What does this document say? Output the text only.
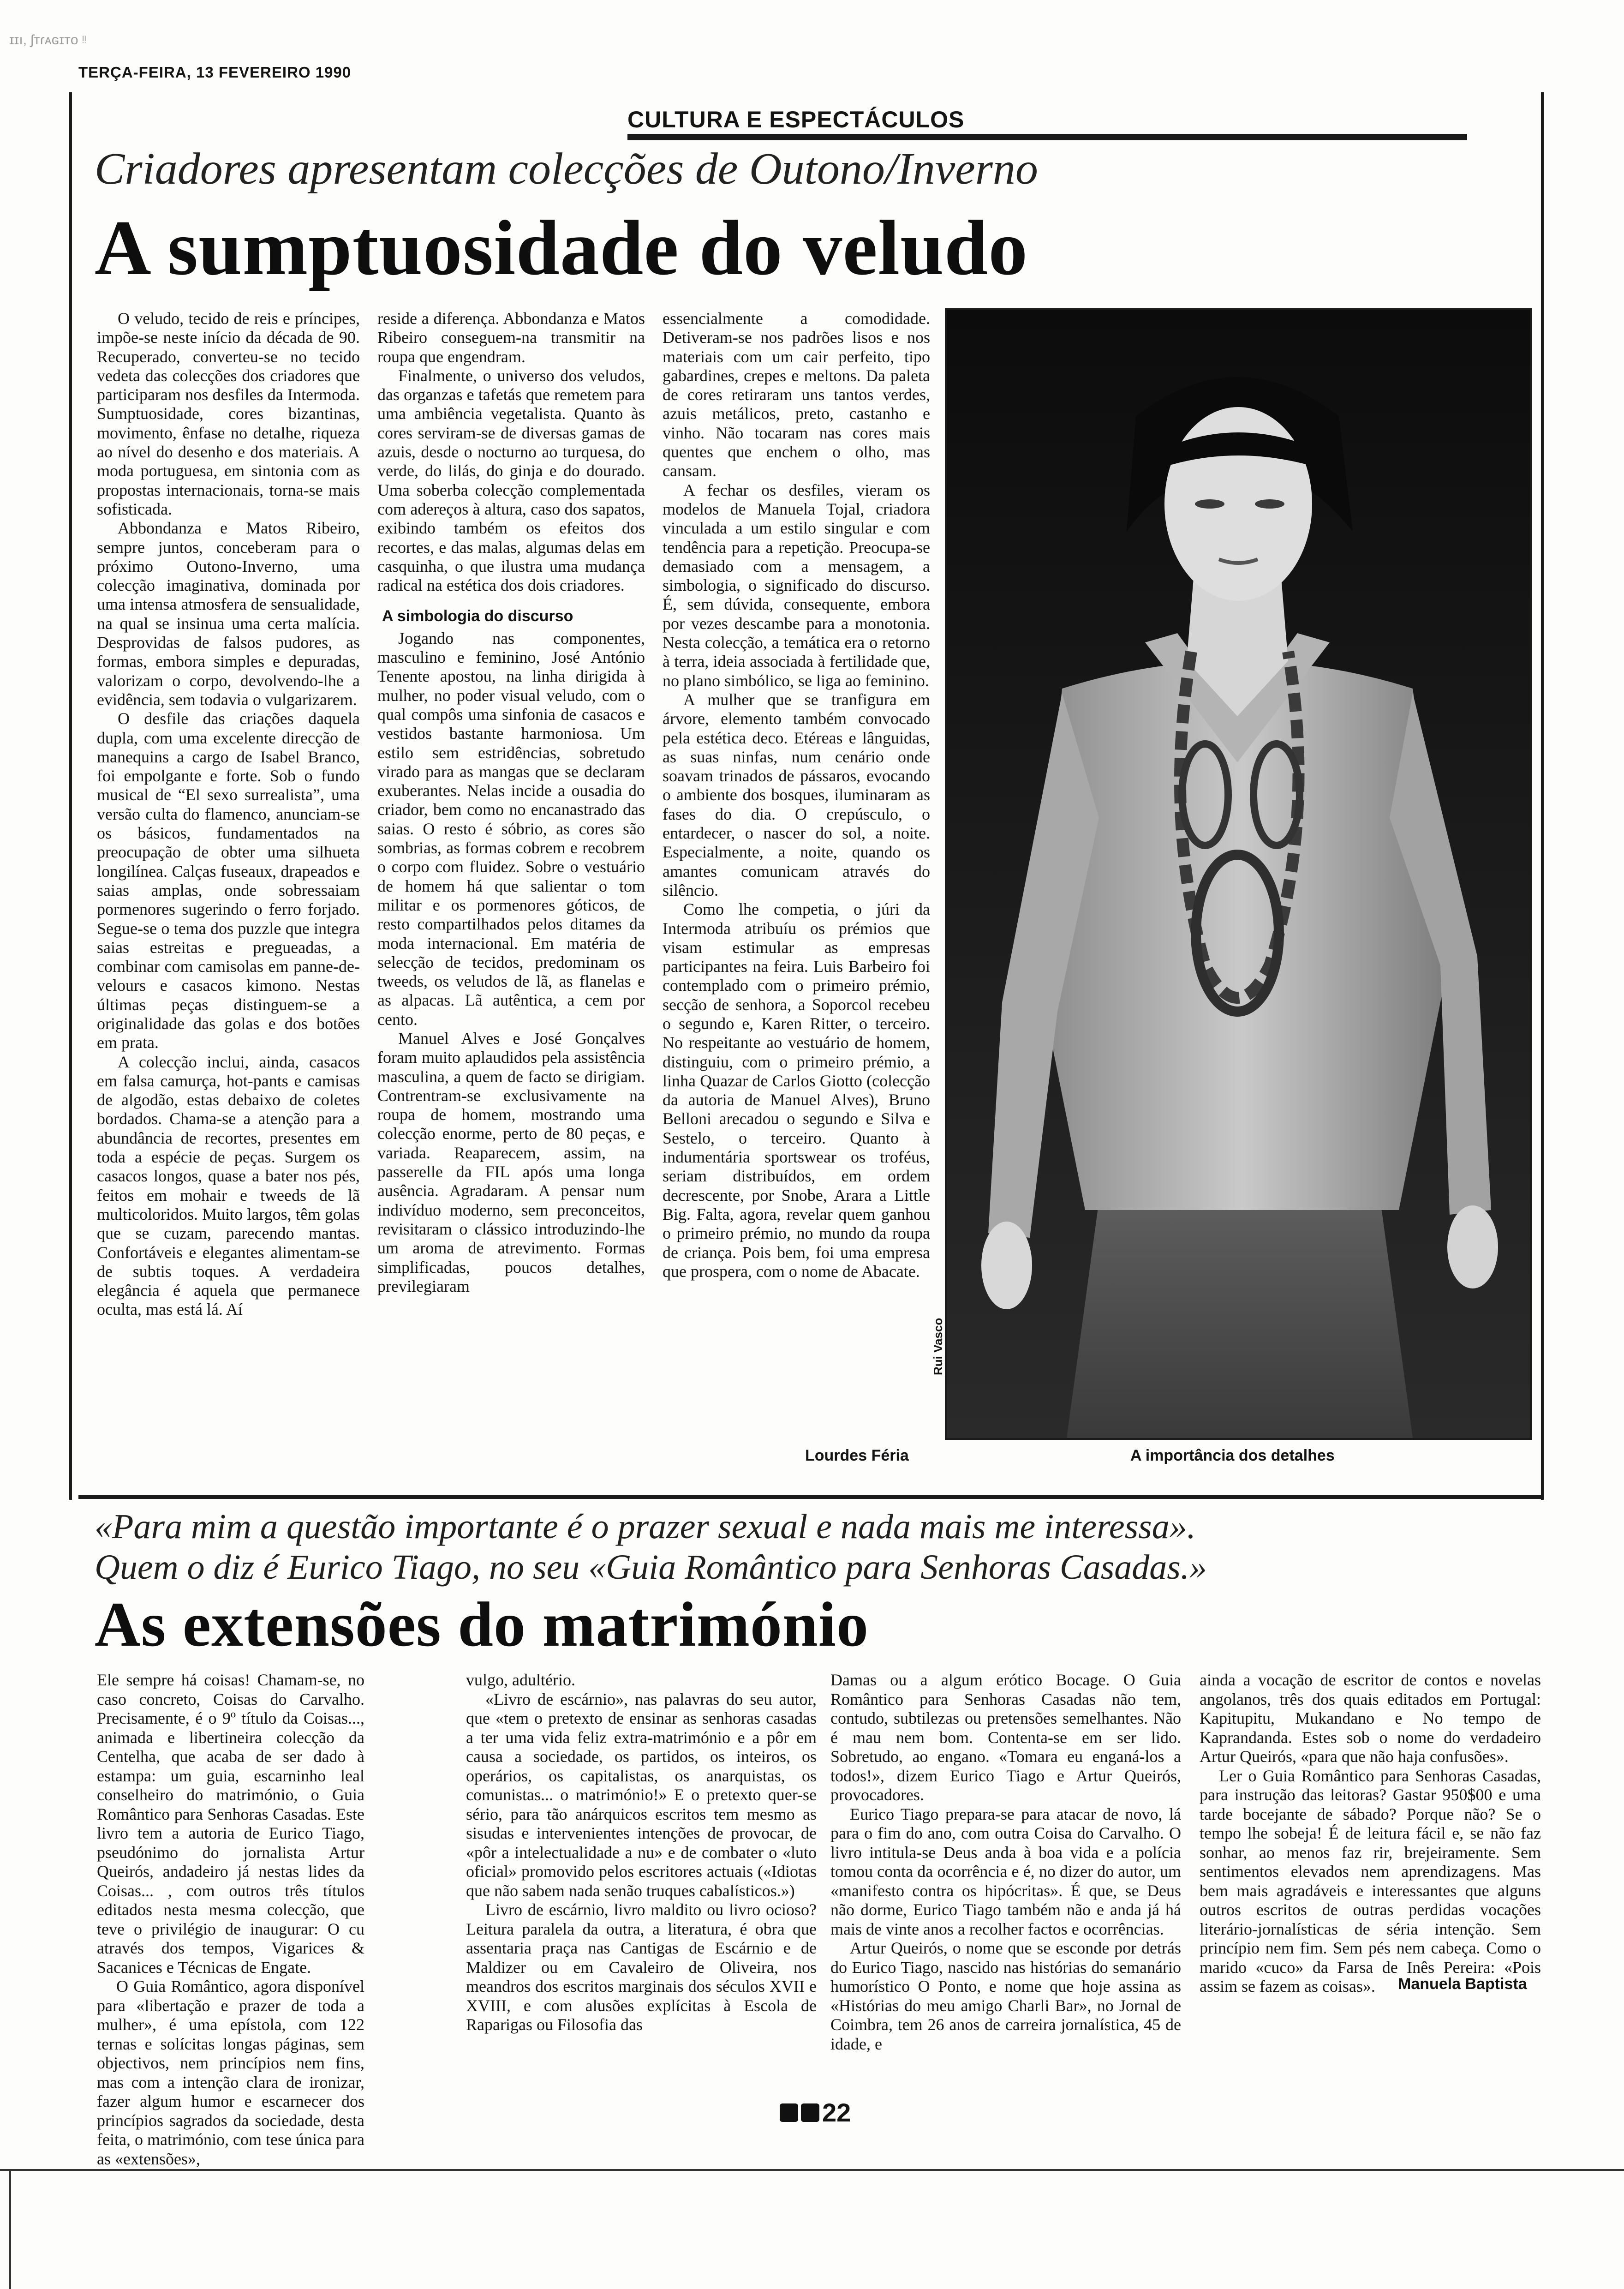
ɪɪı, ʃᴛɾᴀɢɪᴛᴏ ᵎᵎ
TERÇA-FEIRA, 13 FEVEREIRO 1990
CULTURA E ESPECTÁCULOS
Criadores apresentam colecções de Outono/Inverno
A sumptuosidade do veludo

O veludo, tecido de reis e príncipes, impõe-se neste início da década de 90. Recuperado, converteu-se no tecido vedeta das colecções dos criadores que participaram nos desfiles da Intermoda. Sumptuosidade, cores bizantinas, movimento, ênfase no detalhe, riqueza ao nível do desenho e dos materiais. A moda portuguesa, em sintonia com as propostas internacionais, torna-se mais sofisticada.

Abbondanza e Matos Ribeiro, sempre juntos, conceberam para o próximo Outono-Inverno, uma colecção imaginativa, dominada por uma intensa atmosfera de sensualidade, na qual se insinua uma certa malícia. Desprovidas de falsos pudores, as formas, embora simples e depuradas, valorizam o corpo, devolvendo-lhe a evidência, sem todavia o vulgarizarem.

O desfile das criações daquela dupla, com uma excelente direcção de manequins a cargo de Isabel Branco, foi empolgante e forte. Sob o fundo musical de “El sexo surrealista”, uma versão culta do flamenco, anunciam-se os básicos, fundamentados na preocupação de obter uma silhueta longilínea. Calças fuseaux, drapeados e saias amplas, onde sobressaiam pormenores sugerindo o ferro forjado. Segue-se o tema dos puzzle que integra saias estreitas e pregueadas, a combinar com camisolas em panne-de-velours e casacos kimono. Nestas últimas peças distinguem-se a originalidade das golas e dos botões em prata.

A colecção inclui, ainda, casacos em falsa camurça, hot-pants e camisas de algodão, estas debaixo de coletes bordados. Chama-se a atenção para a abundância de recortes, presentes em toda a espécie de peças. Surgem os casacos longos, quase a bater nos pés, feitos em mohair e tweeds de lã multicoloridos. Muito largos, têm golas que se cuzam, parecendo mantas. Confortáveis e elegantes alimentam-se de subtis toques. A verdadeira elegância é aquela que permanece oculta, mas está lá. Aí

reside a diferença. Abbondanza e Matos Ribeiro conseguem-na transmitir na roupa que engendram.

Finalmente, o universo dos veludos, das organzas e tafetás que remetem para uma ambiência vegetalista. Quanto às cores serviram-se de diversas gamas de azuis, desde o nocturno ao turquesa, do verde, do lilás, do ginja e do dourado. Uma soberba colecção complementada com adereços à altura, caso dos sapatos, exibindo também os efeitos dos recortes, e das malas, algumas delas em casquinha, o que ilustra uma mudança radical na estética dos dois criadores.

A simbologia do discurso

Jogando nas componentes, masculino e feminino, José António Tenente apostou, na linha dirigida à mulher, no poder visual veludo, com o qual compôs uma sinfonia de casacos e vestidos bastante harmoniosa. Um estilo sem estridências, sobretudo virado para as mangas que se declaram exuberantes. Nelas incide a ousadia do criador, bem como no encanastrado das saias. O resto é sóbrio, as cores são sombrias, as formas cobrem e recobrem o corpo com fluidez. Sobre o vestuário de homem há que salientar o tom militar e os pormenores góticos, de resto compartilhados pelos ditames da moda internacional. Em matéria de selecção de tecidos, predominam os tweeds, os veludos de lã, as flanelas e as alpacas. Lã autêntica, a cem por cento.

Manuel Alves e José Gonçalves foram muito aplaudidos pela assistência masculina, a quem de facto se dirigiam. Contrentram-se exclusivamente na roupa de homem, mostrando uma colecção enorme, perto de 80 peças, e variada. Reaparecem, assim, na passerelle da FIL após uma longa ausência. Agradaram. A pensar num indivíduo moderno, sem preconceitos, revisitaram o clássico introduzindo-lhe um aroma de atrevimento. Formas simplificadas, poucos detalhes, previlegiaram

essencialmente a comodidade. Detiveram-se nos padrões lisos e nos materiais com um cair perfeito, tipo gabardines, crepes e meltons. Da paleta de cores retiraram uns tantos verdes, azuis metálicos, preto, castanho e vinho. Não tocaram nas cores mais quentes que enchem o olho, mas cansam.

A fechar os desfiles, vieram os modelos de Manuela Tojal, criadora vinculada a um estilo singular e com tendência para a repetição. Preocupa-se demasiado com a mensagem, a simbologia, o significado do discurso. É, sem dúvida, consequente, embora por vezes descambe para a monotonia. Nesta colecção, a temática era o retorno à terra, ideia associada à fertilidade que, no plano simbólico, se liga ao feminino.

A mulher que se tranfigura em árvore, elemento também convocado pela estética deco. Etéreas e lânguidas, as suas ninfas, num cenário onde soavam trinados de pássaros, evocando o ambiente dos bosques, iluminaram as fases do dia. O crepúsculo, o entardecer, o nascer do sol, a noite. Especialmente, a noite, quando os amantes comunicam através do silêncio.

Como lhe competia, o júri da Intermoda atribuíu os prémios que visam estimular as empresas participantes na feira. Luis Barbeiro foi contemplado com o primeiro prémio, secção de senhora, a Soporcol recebeu o segundo e, Karen Ritter, o terceiro. No respeitante ao vestuário de homem, distinguiu, com o primeiro prémio, a linha Quazar de Carlos Giotto (colecção da autoria de Manuel Alves), Bruno Belloni arecadou o segundo e Silva e Sestelo, o terceiro. Quanto à indumentária sportswear os troféus, seriam distribuídos, em ordem decrescente, por Snobe, Arara a Little Big. Falta, agora, revelar quem ganhou o primeiro prémio, no mundo da roupa de criança. Pois bem, foi uma empresa que prospera, com o nome de Abacate.

Rui Vasco
Lourdes Féria	A importância dos detalhes
«Para mim a questão importante é o prazer sexual e nada mais me interessa».
Quem o diz é Eurico Tiago, no seu «Guia Romântico para Senhoras Casadas.»
As extensões do matrimónio

Ele sempre há coisas! Chamam-se, no caso concreto, Coisas do Carvalho. Precisamente, é o 9º título da Coisas..., animada e libertineira colecção da Centelha, que acaba de ser dado à estampa: um guia, escarninho leal conselheiro do matrimónio, o Guia Romântico para Senhoras Casadas. Este livro tem a autoria de Eurico Tiago, pseudónimo do jornalista Artur Queirós, andadeiro já nestas lides da Coisas... , com outros três títulos editados nesta mesma colecção, que teve o privilégio de inaugurar: O cu através dos tempos, Vigarices & Sacanices e Técnicas de Engate.

O Guia Romântico, agora disponível para «libertação e prazer de toda a mulher», é uma epístola, com 122 ternas e solícitas longas páginas, sem objectivos, nem princípios nem fins, mas com a intenção clara de ironizar, fazer algum humor e escarnecer dos princípios sagrados da sociedade, desta feita, o matrimónio, com tese única para as «extensões»,

vulgo, adultério.

«Livro de escárnio», nas palavras do seu autor, que «tem o pretexto de ensinar as senhoras casadas a ter uma vida feliz extra-matrimónio e a pôr em causa a sociedade, os partidos, os inteiros, os operários, os capitalistas, os anarquistas, os comunistas... o matrimónio!» E o pretexto quer-se sério, para tão anárquicos escritos tem mesmo as sisudas e intervenientes intenções de provocar, de «pôr a intelectualidade a nu» e de combater o «luto oficial» promovido pelos escritores actuais («Idiotas que não sabem nada senão truques cabalísticos.»)

Livro de escárnio, livro maldito ou livro ocioso? Leitura paralela da outra, a literatura, é obra que assentaria praça nas Cantigas de Escárnio e de Maldizer ou em Cavaleiro de Oliveira, nos meandros dos escritos marginais dos séculos XVII e XVIII, e com alusões explícitas à Escola de Raparigas ou Filosofia das

Damas ou a algum erótico Bocage. O Guia Romântico para Senhoras Casadas não tem, contudo, subtilezas ou pretensões semelhantes. Não é mau nem bom. Contenta-se em ser lido. Sobretudo, ao engano. «Tomara eu enganá-los a todos!», dizem Eurico Tiago e Artur Queirós, provocadores.

Eurico Tiago prepara-se para atacar de novo, lá para o fim do ano, com outra Coisa do Carvalho. O livro intitula-se Deus anda à boa vida e a polícia tomou conta da ocorrência e é, no dizer do autor, um «manifesto contra os hipócritas». É que, se Deus não dorme, Eurico Tiago também não e anda já há mais de vinte anos a recolher factos e ocorrências.

Artur Queirós, o nome que se esconde por detrás do Eurico Tiago, nascido nas histórias do semanário humorístico O Ponto, e nome que hoje assina as «Histórias do meu amigo Charli Bar», no Jornal de Coimbra, tem 26 anos de carreira jornalística, 45 de idade, e

ainda a vocação de escritor de contos e novelas angolanos, três dos quais editados em Portugal: Kapitupitu, Mukandano e No tempo de Kaprandanda. Estes sob o nome do verdadeiro Artur Queirós, «para que não haja confusões».

Ler o Guia Romântico para Senhoras Casadas, para instrução das leitoras? Gastar 950$00 e uma tarde bocejante de sábado? Porque não? Se o tempo lhe sobeja! É de leitura fácil e, se não faz sonhar, ao menos faz rir, brejeiramente. Sem sentimentos elevados nem aprendizagens. Mas bem mais agradáveis e interessantes que alguns outros escritos de outras perdidas vocações literário-jornalísticas de séria intenção. Sem princípio nem fim. Sem pés nem cabeça. Como o marido «cuco» da Farsa de Inês Pereira: «Pois assim se fazem as coisas».	Manuela Baptista
22
